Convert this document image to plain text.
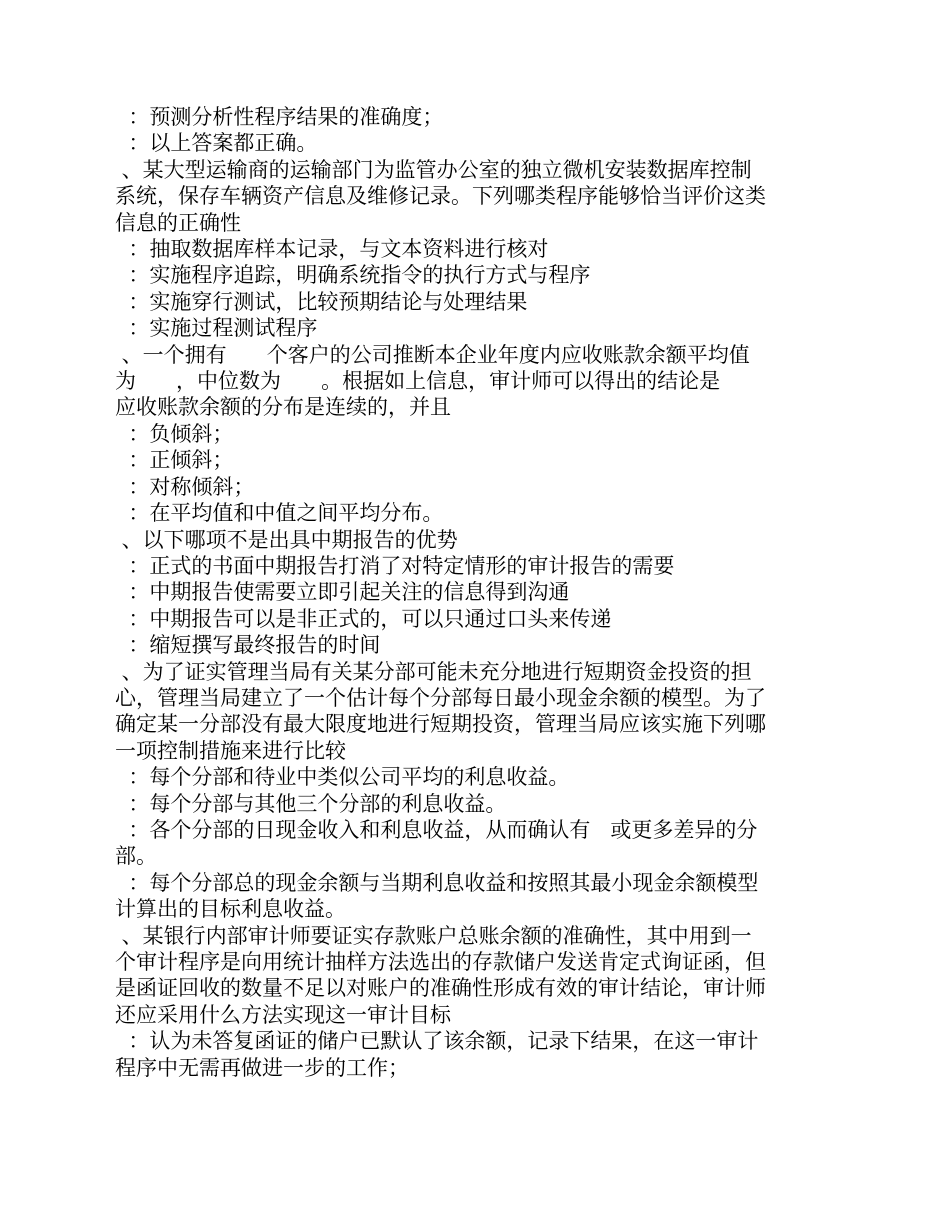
：预测分析性程序结果的准确度；
：以上答案都正确。
、某大型运输商的运输部门为监管办公室的独立微机安装数据库控制
系统，保存车辆资产信息及维修记录。下列哪类程序能够恰当评价这类
信息的正确性
：抽取数据库样本记录，与文本资料进行核对
：实施程序追踪，明确系统指令的执行方式与程序
：实施穿行测试，比较预期结论与处理结果
：实施过程测试程序
、一个拥有      个客户的公司推断本企业年度内应收账款余额平均值
为      ，中位数为      。根据如上信息，审计师可以得出的结论是
应收账款余额的分布是连续的，并且
：负倾斜；
：正倾斜；
：对称倾斜；
：在平均值和中值之间平均分布。
、以下哪项不是出具中期报告的优势
：正式的书面中期报告打消了对特定情形的审计报告的需要
：中期报告使需要立即引起关注的信息得到沟通
：中期报告可以是非正式的，可以只通过口头来传递
：缩短撰写最终报告的时间
、为了证实管理当局有关某分部可能未充分地进行短期资金投资的担
心，管理当局建立了一个估计每个分部每日最小现金余额的模型。为了
确定某一分部没有最大限度地进行短期投资，管理当局应该实施下列哪
一项控制措施来进行比较
：每个分部和待业中类似公司平均的利息收益。
：每个分部与其他三个分部的利息收益。
：各个分部的日现金收入和利息收益，从而确认有   或更多差异的分
部。
：每个分部总的现金余额与当期利息收益和按照其最小现金余额模型
计算出的目标利息收益。
、某银行内部审计师要证实存款账户总账余额的准确性，其中用到一
个审计程序是向用统计抽样方法选出的存款储户发送肯定式询证函，但
是函证回收的数量不足以对账户的准确性形成有效的审计结论，审计师
还应采用什么方法实现这一审计目标
：认为未答复函证的储户已默认了该余额，记录下结果，在这一审计
程序中无需再做进一步的工作；
